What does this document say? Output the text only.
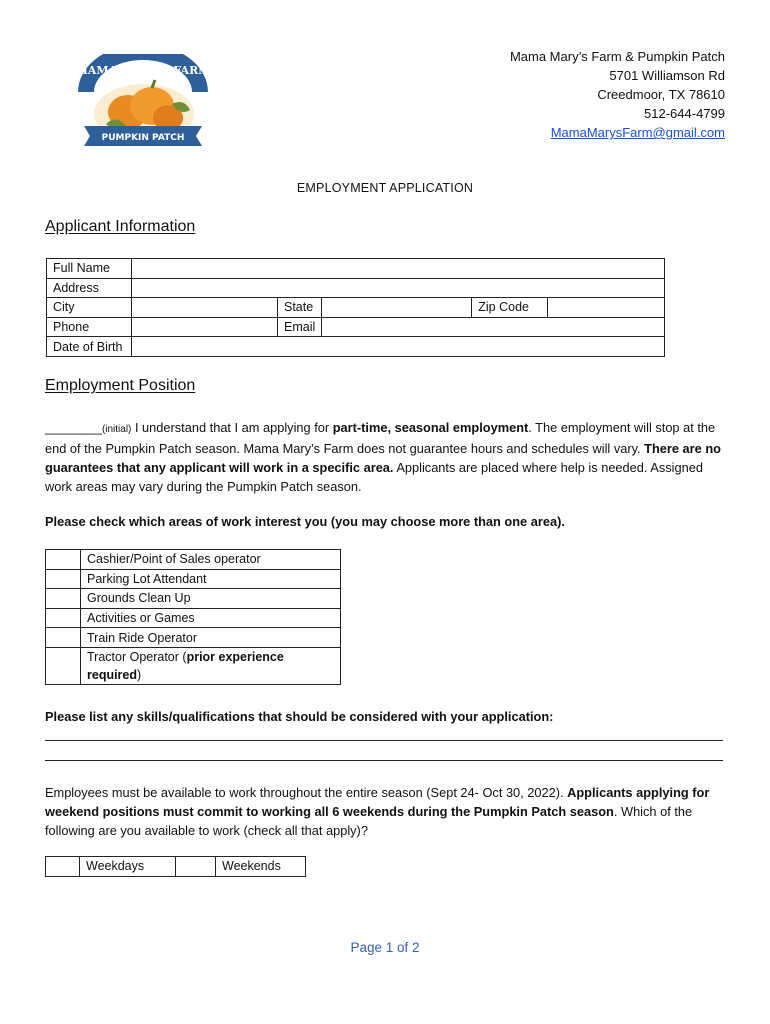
PUMPKIN PATCH
MAMA MARY'S FARM
Mama Mary’s Farm & Pumpkin Patch
5701 Williamson Rd
Creedmoor, TX 78610
512-644-4799
MamaMarysFarm@gmail.com
EMPLOYMENT APPLICATION
Applicant Information
Full Name					
Address					
City		State		Zip Code	
Phone		Email			
Date of Birth					
Employment Position
________(initial) I understand that I am applying for part-time, seasonal employment. The employment will stop at the end of the Pumpkin Patch season. Mama Mary’s Farm does not guarantee hours and schedules will vary. There are no guarantees that any applicant will work in a specific area. Applicants are placed where help is needed. Assigned work areas may vary during the Pumpkin Patch season.
Please check which areas of work interest you (you may choose more than one area).
	Cashier/Point of Sales operator
	Parking Lot Attendant
	Grounds Clean Up
	Activities or Games
	Train Ride Operator
	Tractor Operator (prior experience required)
Please list any skills/qualifications that should be considered with your application:
Employees must be available to work throughout the entire season (Sept 24- Oct 30, 2022). Applicants applying for weekend positions must commit to working all 6 weekends during the Pumpkin Patch season. Which of the following are you available to work (check all that apply)?
	Weekdays		Weekends
Page 1 of 2
